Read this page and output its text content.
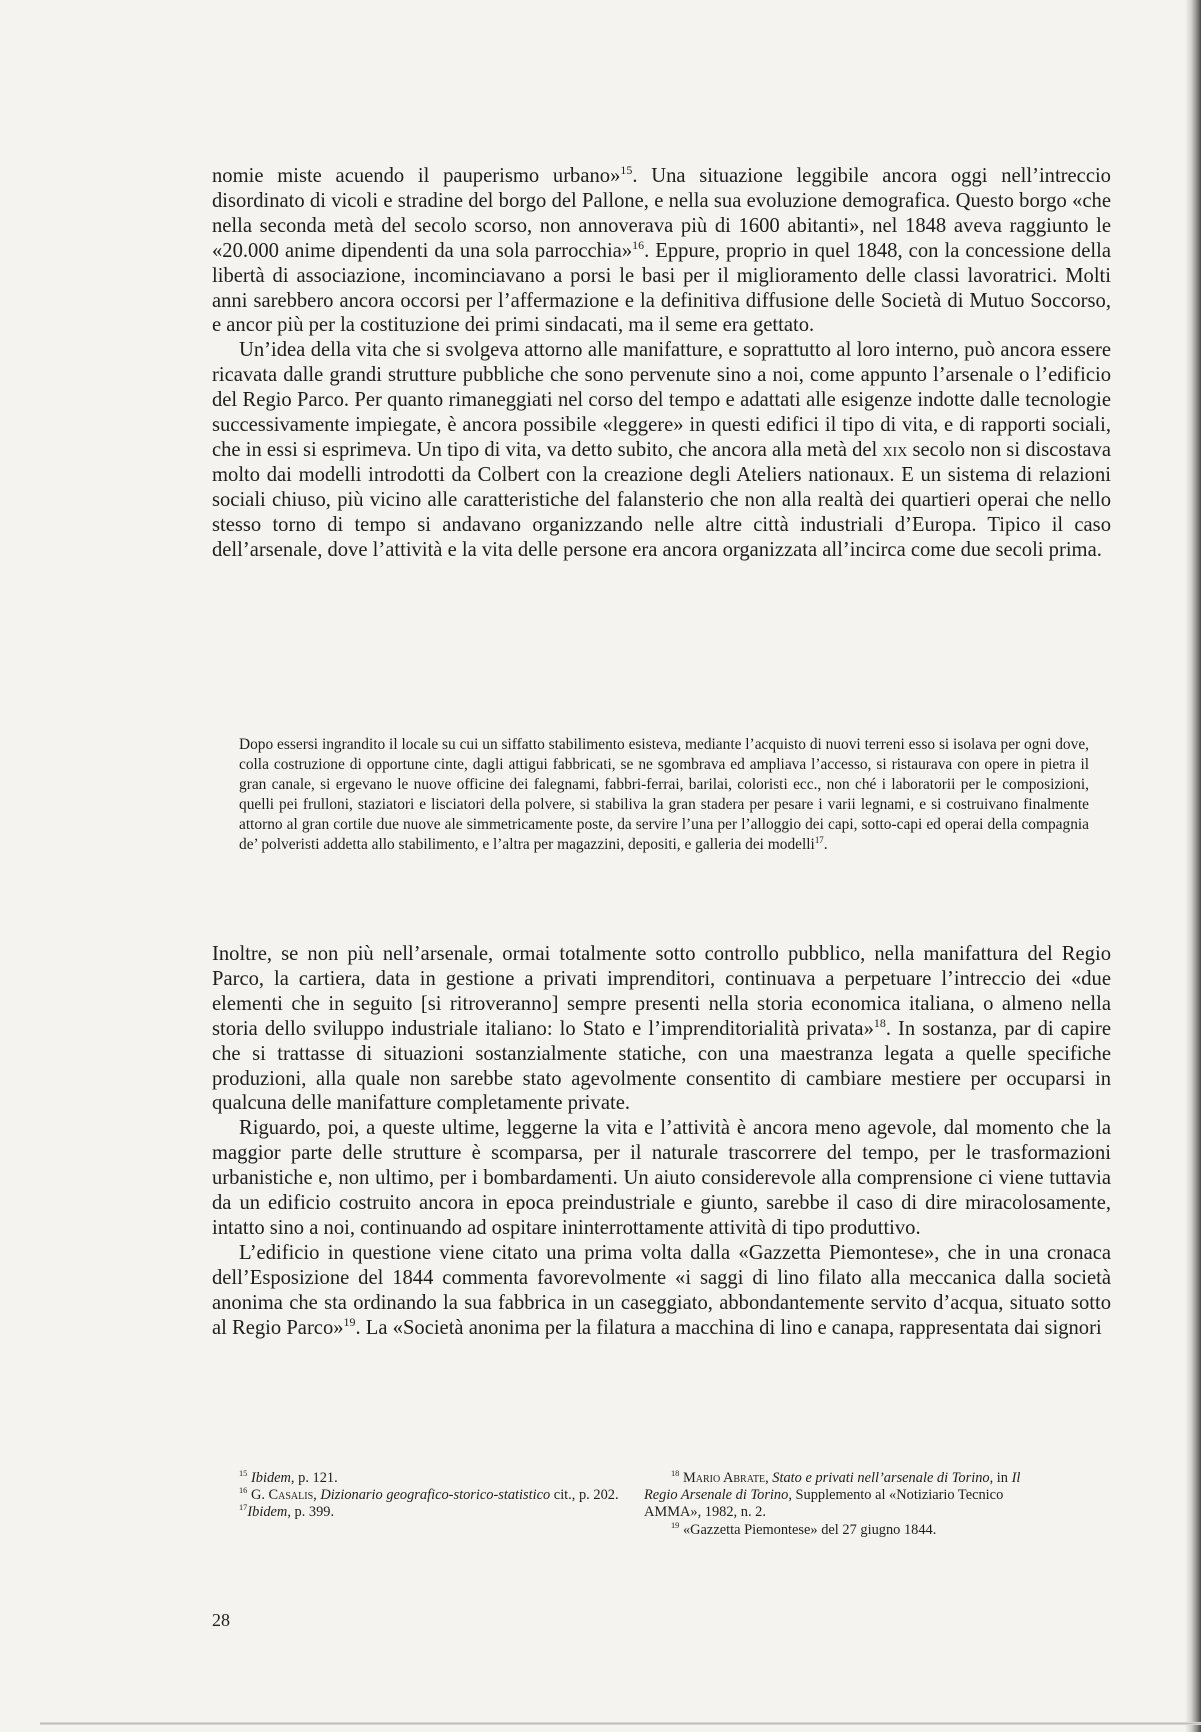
nomie miste acuendo il pauperismo urbano»$^{15}$. Una situazione leggibile ancora oggi nell’intreccio disordinato di vicoli e stradine del borgo del Pallone, e nella sua evoluzione demografica. Questo borgo «che nella seconda metà del secolo scorso, non annoverava più di 1600 abitanti», nel 1848 aveva raggiunto le «20.000 anime dipendenti da una sola parrocchia»$^{16}$. Eppure, proprio in quel 1848, con la concessione della libertà di associazione, incominciavano a porsi le basi per il miglioramento delle classi lavoratrici. Molti anni sarebbero ancora occorsi per l’affermazione e la definitiva diffusione delle Società di Mutuo Soccorso, e ancor più per la costituzione dei primi sindacati, ma il seme era gettato.

Un’idea della vita che si svolgeva attorno alle manifatture, e soprattutto al loro interno, può ancora essere ricavata dalle grandi strutture pubbliche che sono pervenute sino a noi, come appunto l’arsenale o l’edificio del Regio Parco. Per quanto rimaneggiati nel corso del tempo e adattati alle esigenze indotte dalle tecnologie successivamente impiegate, è ancora possibile «leggere» in questi edifici il tipo di vita, e di rapporti sociali, che in essi si esprimeva. Un tipo di vita, va detto subito, che ancora alla metà del xix secolo non si discostava molto dai modelli introdotti da Colbert con la creazione degli Ateliers nationaux. E un sistema di relazioni sociali chiuso, più vicino alle caratteristiche del falansterio che non alla realtà dei quartieri operai che nello stesso torno di tempo si andavano organizzando nelle altre città industriali d’Europa. Tipico il caso dell’arsenale, dove l’attività e la vita delle persone era ancora organizzata all’incirca come due secoli prima.

Dopo essersi ingrandito il locale su cui un siffatto stabilimento esisteva, mediante l’acquisto di nuovi terreni esso si isolava per ogni dove, colla costruzione di opportune cinte, dagli attigui fabbricati, se ne sgombrava ed ampliava l’accesso, si ristaurava con opere in pietra il gran canale, si ergevano le nuove officine dei falegnami, fabbri-ferrai, barilai, coloristi ecc., non ché i laboratorii per le composizioni, quelli pei frulloni, staziatori e lisciatori della polvere, si stabiliva la gran stadera per pesare i varii legnami, e si costruivano finalmente attorno al gran cortile due nuove ale simmetricamente poste, da servire l’una per l’alloggio dei capi, sotto-capi ed operai della compagnia de’ polveristi addetta allo stabilimento, e l’altra per magazzini, depositi, e galleria dei modelli$^{17}$.

Inoltre, se non più nell’arsenale, ormai totalmente sotto controllo pubblico, nella manifattura del Regio Parco, la cartiera, data in gestione a privati imprenditori, continuava a perpetuare l’intreccio dei «due elementi che in seguito [si ritroveranno] sempre presenti nella storia economica italiana, o almeno nella storia dello sviluppo industriale italiano: lo Stato e l’imprenditorialità privata»$^{18}$. In sostanza, par di capire che si trattasse di situazioni sostanzialmente statiche, con una maestranza legata a quelle specifiche produzioni, alla quale non sarebbe stato agevolmente consentito di cambiare mestiere per occuparsi in qualcuna delle manifatture completamente private.

Riguardo, poi, a queste ultime, leggerne la vita e l’attività è ancora meno agevole, dal momento che la maggior parte delle strutture è scomparsa, per il naturale trascorrere del tempo, per le trasformazioni urbanistiche e, non ultimo, per i bombardamenti. Un aiuto considerevole alla comprensione ci viene tuttavia da un edificio costruito ancora in epoca preindustriale e giunto, sarebbe il caso di dire miracolosamente, intatto sino a noi, continuando ad ospitare ininterrottamente attività di tipo produttivo.

L’edificio in questione viene citato una prima volta dalla «Gazzetta Piemontese», che in una cronaca dell’Esposizione del 1844 commenta favorevolmente «i saggi di lino filato alla meccanica dalla società anonima che sta ordinando la sua fabbrica in un caseggiato, abbondantemente servito d’acqua, situato sotto al Regio Parco»$^{19}$. La «Società anonima per la filatura a macchina di lino e canapa, rappresentata dai signori

$^{15}$ Ibidem, p. 121.

$^{16}$ G. Casalis, Dizionario geografico-storico-statistico cit., p. 202.

$^{17}$Ibidem, p. 399.

$^{18}$ Mario Abrate, Stato e privati nell’arsenale di Torino, in Il Regio Arsenale di Torino, Supplemento al «Notiziario Tecnico AMMA», 1982, n. 2.

$^{19}$ «Gazzetta Piemontese» del 27 giugno 1844.

28
